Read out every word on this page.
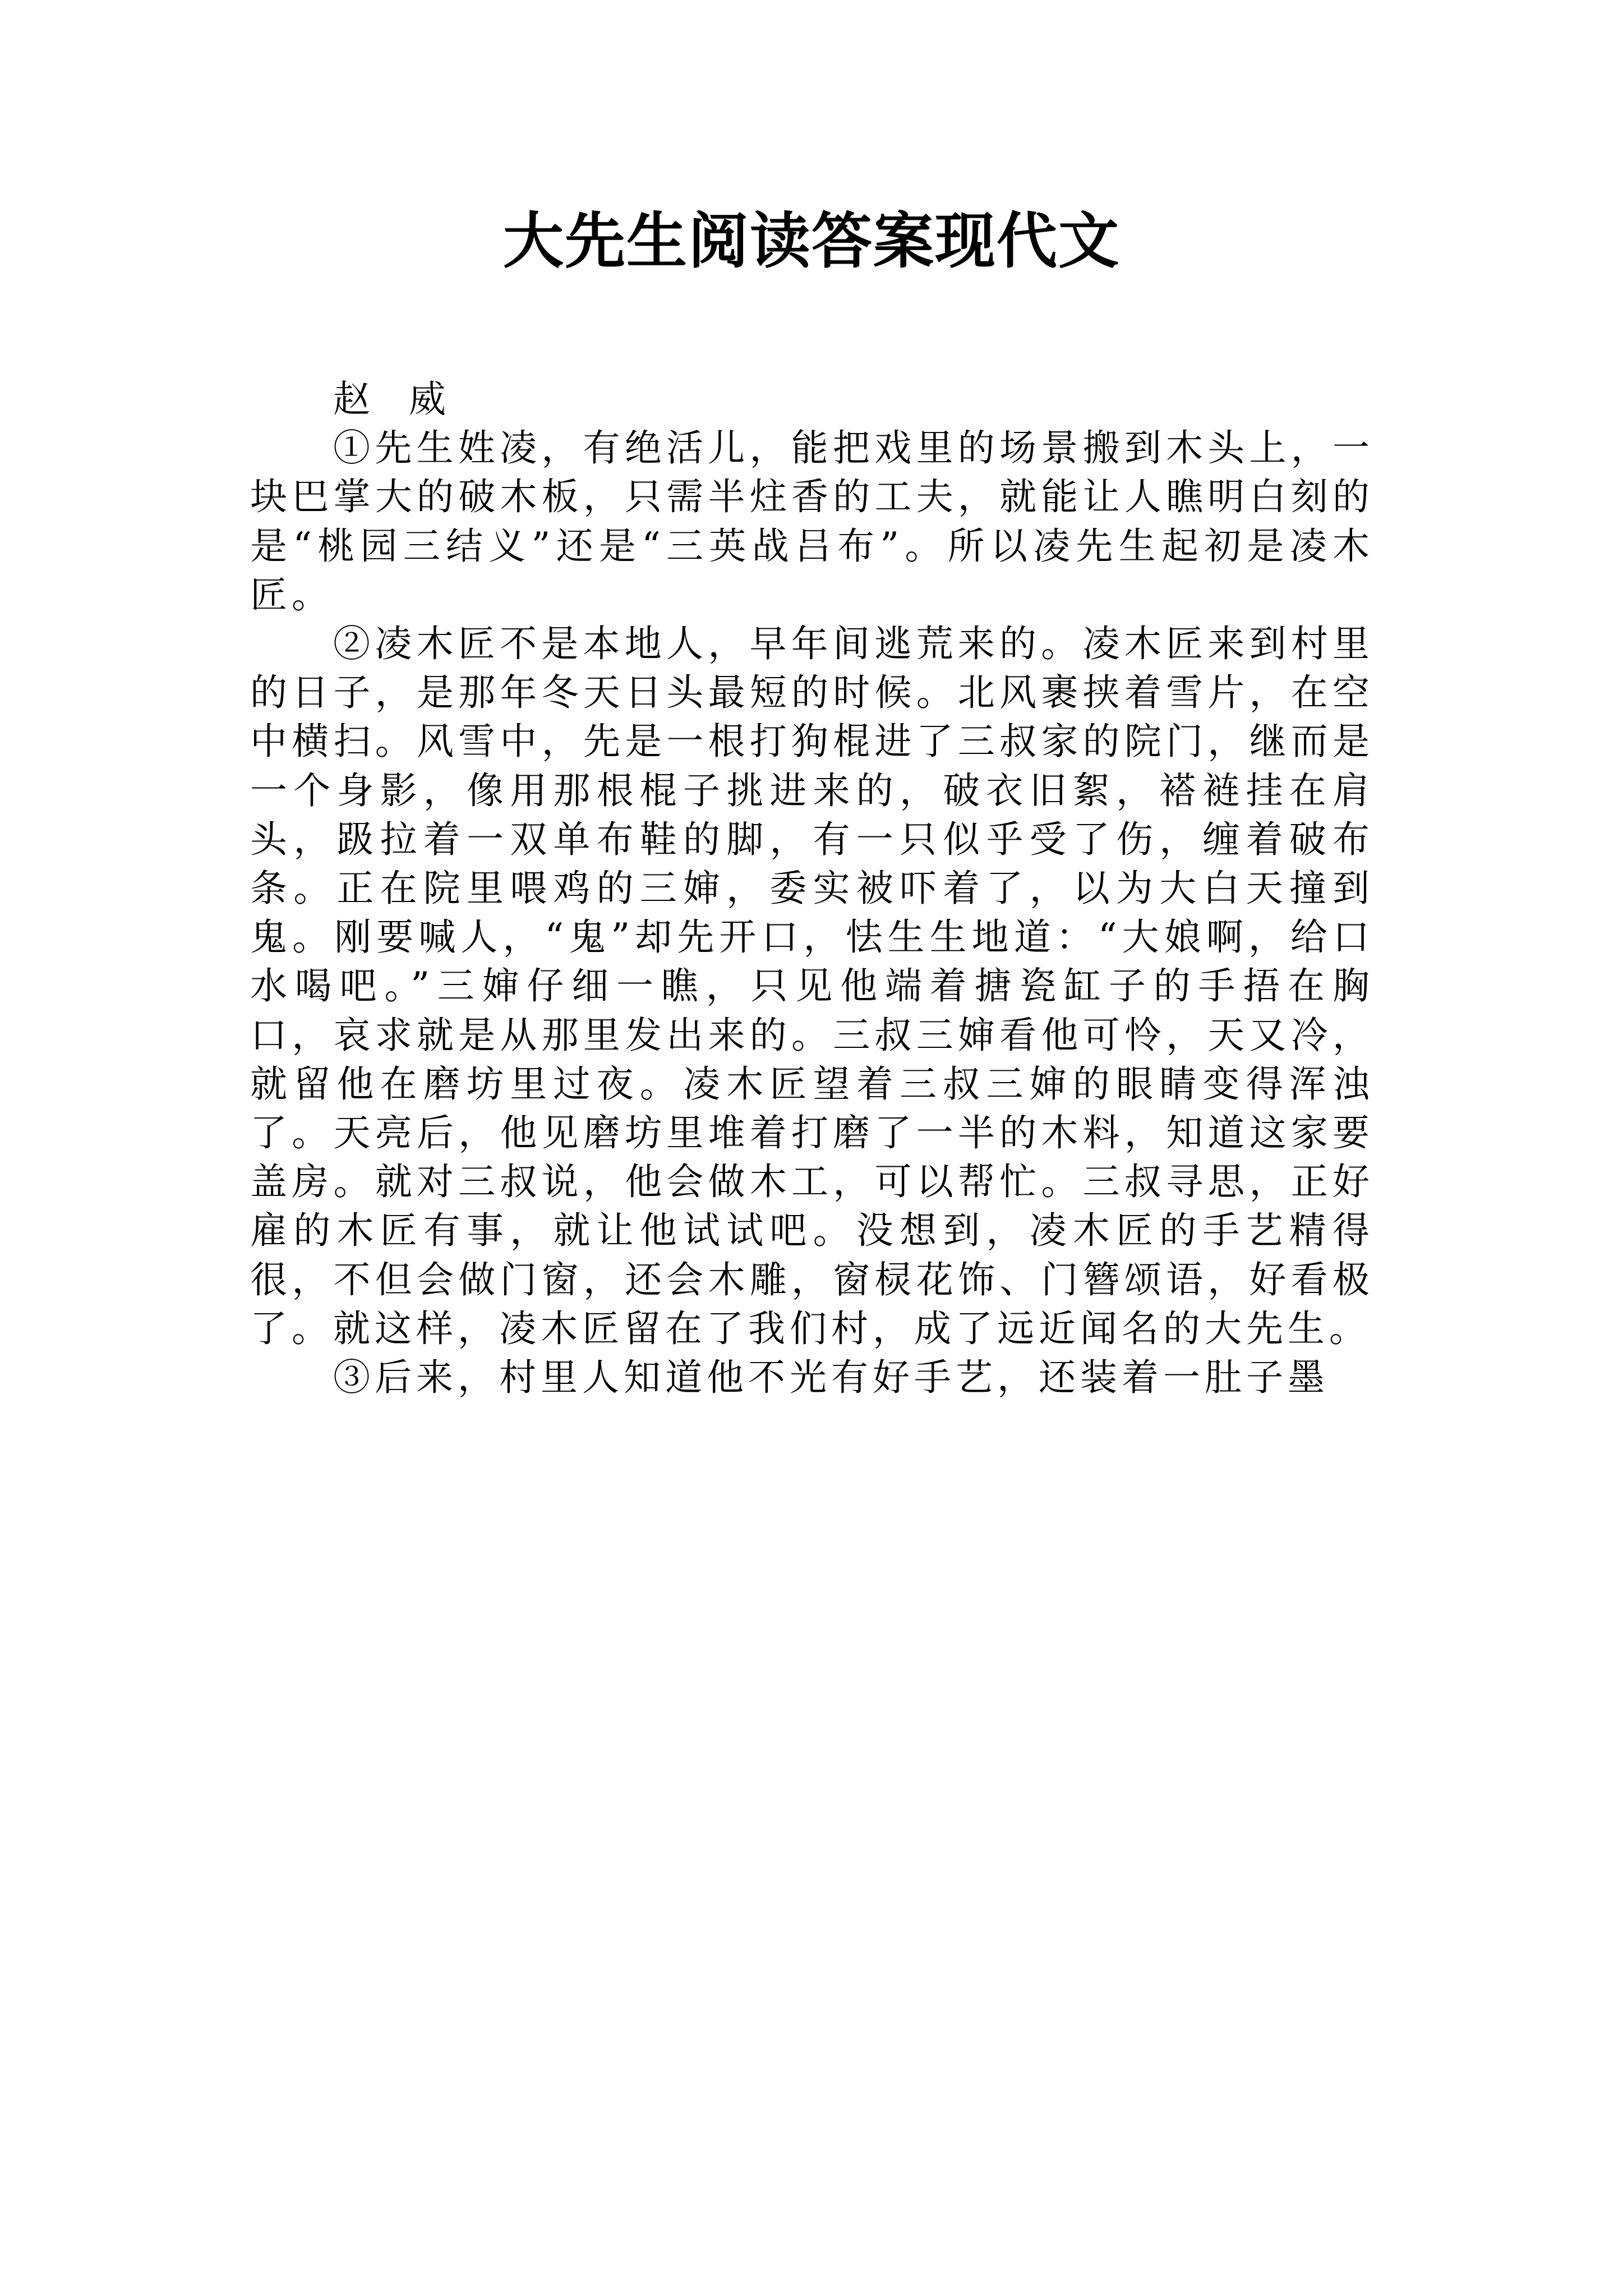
大先生阅读答案现代文

赵 威

①先生姓凌，有绝活儿，能把戏里的场景搬到木头上，一块巴掌大的破木板，只需半炷香的工夫，就能让人瞧明白刻的是“桃园三结义”还是“三英战吕布”。所以凌先生起初是凌木匠。

②凌木匠不是本地人，早年间逃荒来的。凌木匠来到村里的日子，是那年冬天日头最短的时候。北风裹挟着雪片，在空中横扫。风雪中，先是一根打狗棍进了三叔家的院门，继而是一个身影，像用那根棍子挑进来的，破衣旧絮，褡裢挂在肩头，趿拉着一双单布鞋的脚，有一只似乎受了伤，缠着破布条。正在院里喂鸡的三婶，委实被吓着了，以为大白天撞到鬼。刚要喊人，“鬼”却先开口，怯生生地道：“大娘啊，给口水喝吧。”三婶仔细一瞧，只见他端着搪瓷缸子的手捂在胸口，哀求就是从那里发出来的。三叔三婶看他可怜，天又冷，就留他在磨坊里过夜。凌木匠望着三叔三婶的眼睛变得浑浊了。天亮后，他见磨坊里堆着打磨了一半的木料，知道这家要盖房。就对三叔说，他会做木工，可以帮忙。三叔寻思，正好雇的木匠有事，就让他试试吧。没想到，凌木匠的手艺精得很，不但会做门窗，还会木雕，窗棂花饰、门簪颂语，好看极了。就这样，凌木匠留在了我们村，成了远近闻名的大先生。

③后来，村里人知道他不光有好手艺，还装着一肚子墨
